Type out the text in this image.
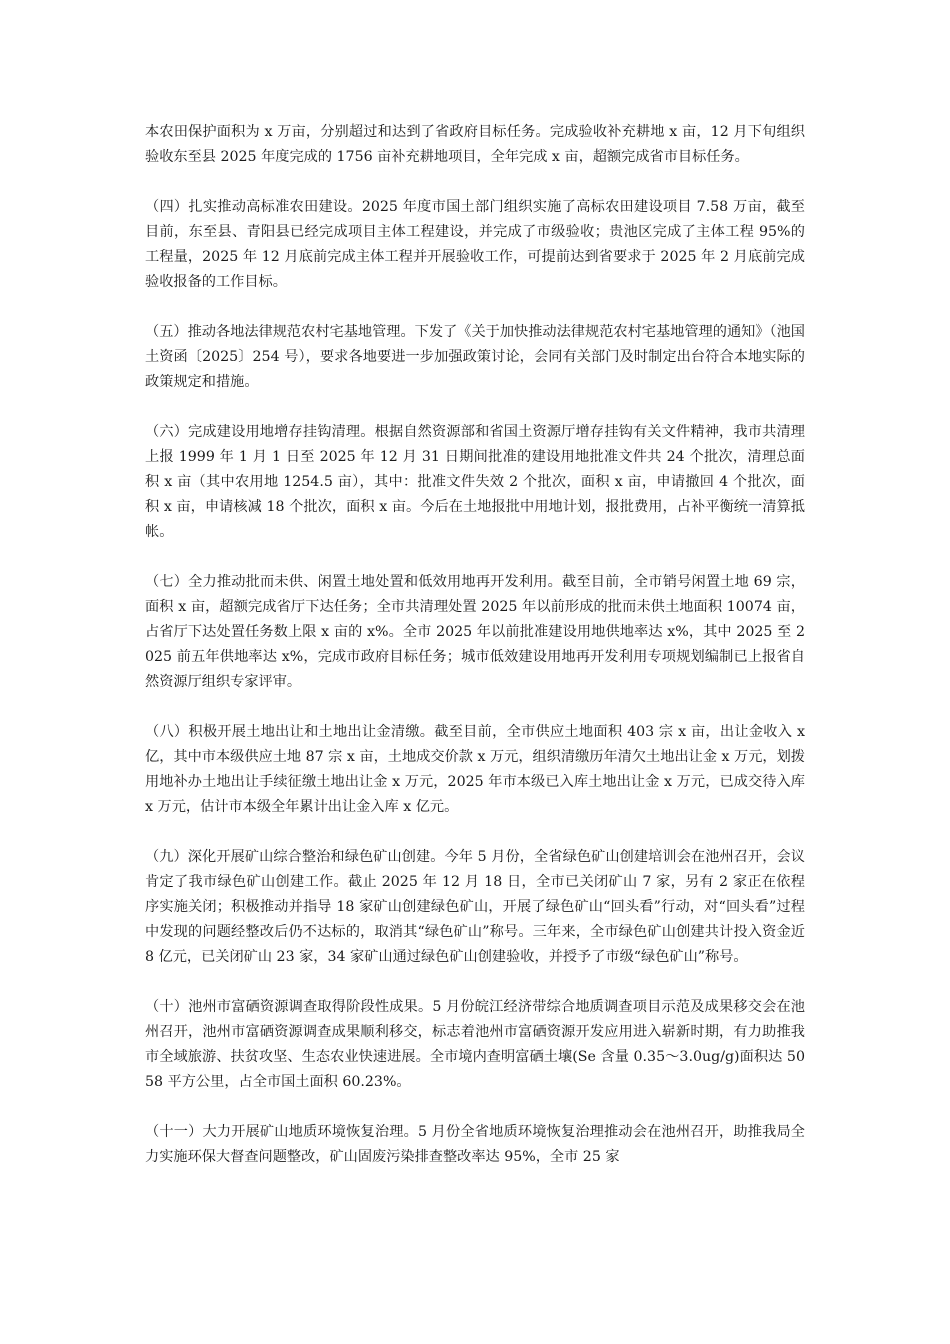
本农田保护面积为 x 万亩，分别超过和达到了省政府目标任务。完成验收补充耕地 x 亩，12 月下旬组织验收东至县 2025 年度完成的 1756 亩补充耕地项目，全年完成 x 亩，超额完成省市目标任务。

（四）扎实推动高标准农田建设。2025 年度市国土部门组织实施了高标农田建设项目 7.58 万亩，截至目前，东至县、青阳县已经完成项目主体工程建设，并完成了市级验收；贵池区完成了主体工程 95%的工程量，2025 年 12 月底前完成主体工程并开展验收工作，可提前达到省要求于 2025 年 2 月底前完成验收报备的工作目标。

（五）推动各地法律规范农村宅基地管理。下发了《关于加快推动法律规范农村宅基地管理的通知》（池国土资函〔2025〕254 号），要求各地要进一步加强政策讨论，会同有关部门及时制定出台符合本地实际的政策规定和措施。

（六）完成建设用地增存挂钩清理。根据自然资源部和省国土资源厅增存挂钩有关文件精神，我市共清理上报 1999 年 1 月 1 日至 2025 年 12 月 31 日期间批准的建设用地批准文件共 24 个批次，清理总面积 x 亩（其中农用地 1254.5 亩），其中：批准文件失效 2 个批次，面积 x 亩，申请撤回 4 个批次，面积 x 亩，申请核减 18 个批次，面积 x 亩。今后在土地报批中用地计划，报批费用，占补平衡统一清算抵帐。

（七）全力推动批而未供、闲置土地处置和低效用地再开发利用。截至目前，全市销号闲置土地 69 宗，面积 x 亩，超额完成省厅下达任务；全市共清理处置 2025 年以前形成的批而未供土地面积 10074 亩，占省厅下达处置任务数上限 x 亩的 x%。全市 2025 年以前批准建设用地供地率达 x%，其中 2025 至 2025 前五年供地率达 x%，完成市政府目标任务；城市低效建设用地再开发利用专项规划编制已上报省自然资源厅组织专家评审。

（八）积极开展土地出让和土地出让金清缴。截至目前，全市供应土地面积 403 宗 x 亩，出让金收入 x 亿，其中市本级供应土地 87 宗 x 亩，土地成交价款 x 万元，组织清缴历年清欠土地出让金 x 万元，划拨用地补办土地出让手续征缴土地出让金 x 万元，2025 年市本级已入库土地出让金 x 万元，已成交待入库 x 万元，估计市本级全年累计出让金入库 x 亿元。

（九）深化开展矿山综合整治和绿色矿山创建。今年 5 月份，全省绿色矿山创建培训会在池州召开，会议肯定了我市绿色矿山创建工作。截止 2025 年 12 月 18 日，全市已关闭矿山 7 家，另有 2 家正在依程序实施关闭；积极推动并指导 18 家矿山创建绿色矿山，开展了绿色矿山“回头看”行动，对“回头看”过程中发现的问题经整改后仍不达标的，取消其“绿色矿山”称号。三年来，全市绿色矿山创建共计投入资金近 8 亿元，已关闭矿山 23 家，34 家矿山通过绿色矿山创建验收，并授予了市级“绿色矿山”称号。

（十）池州市富硒资源调查取得阶段性成果。5 月份皖江经济带综合地质调查项目示范及成果移交会在池州召开，池州市富硒资源调查成果顺利移交，标志着池州市富硒资源开发应用进入崭新时期，有力助推我市全域旅游、扶贫攻坚、生态农业快速进展。全市境内查明富硒土壤(Se 含量 0.35～3.0ug/g)面积达 5058 平方公里，占全市国土面积 60.23%。

（十一）大力开展矿山地质环境恢复治理。5 月份全省地质环境恢复治理推动会在池州召开，助推我局全力实施环保大督查问题整改，矿山固废污染排查整改率达 95%，全市 25 家
